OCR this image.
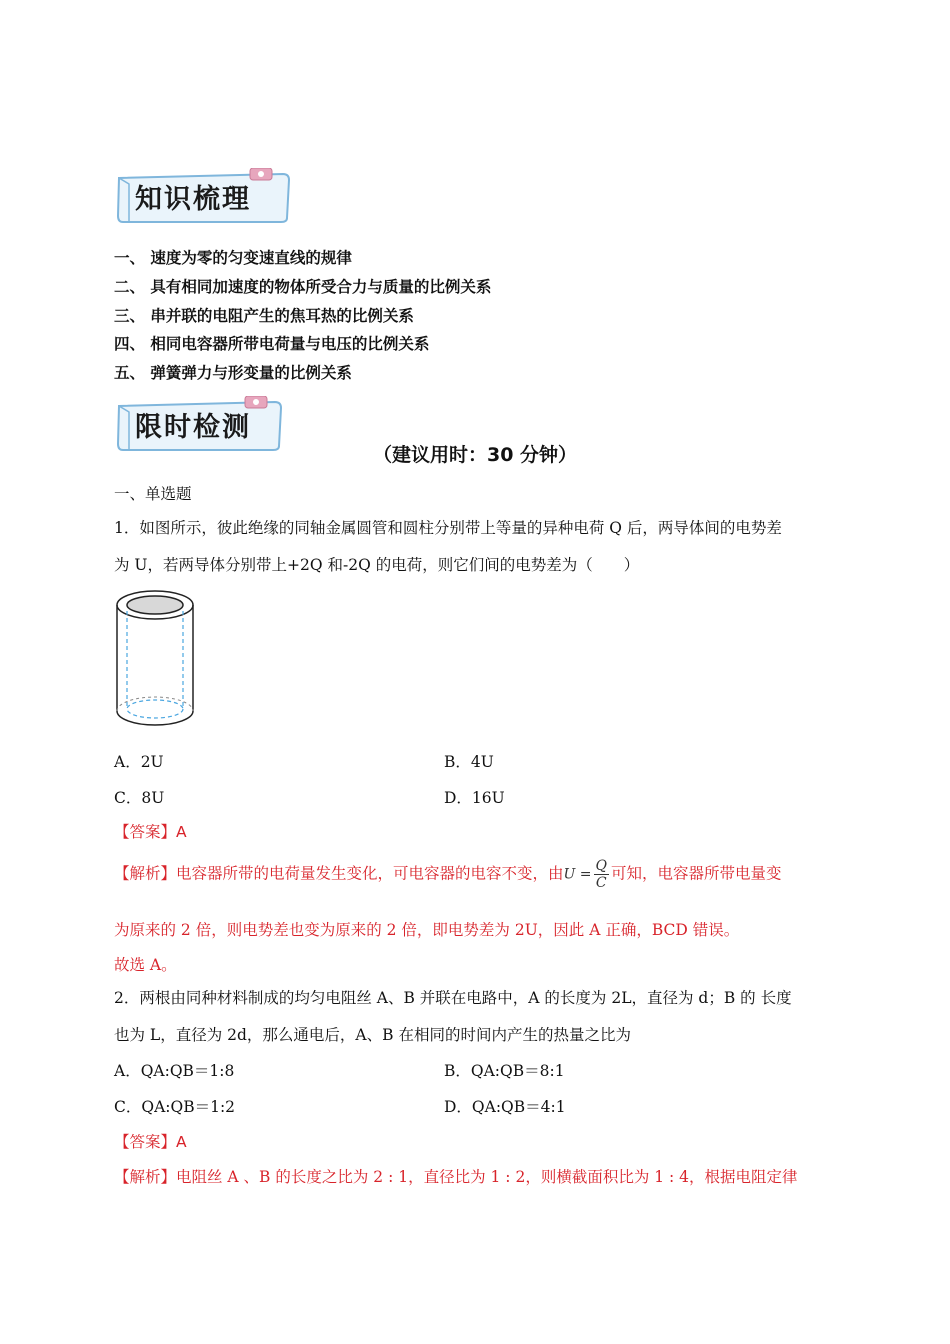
知识梳理
一、 速度为零的匀变速直线的规律
二、 具有相同加速度的物体所受合力与质量的比例关系
三、 串并联的电阻产生的焦耳热的比例关系
四、 相同电容器所带电荷量与电压的比例关系
五、 弹簧弹力与形变量的比例关系
限时检测
（建议用时：30 分钟）
一、单选题
1．如图所示，彼此绝缘的同轴金属圆管和圆柱分别带上等量的异种电荷 Q 后，两导体间的电势差
为 U，若两导体分别带上+2Q 和-2Q 的电荷，则它们间的电势差为（　　）
A．2U	B．4U
C．8U	D．16U
【答案】A
【解析】电容器所带的电荷量发生变化，可电容器的电容不变，由$U = \frac{Q}{C}$ 可知，电容器所带电量变
为原来的 2 倍，则电势差也变为原来的 2 倍，即电势差为 2U，因此 A 正确，BCD 错误。
故选 A。
2．两根由同种材料制成的均匀电阻丝 A、B 并联在电路中，A 的长度为 2L，直径为 d；B 的 长度
也为 L，直径为 2d，那么通电后，A、B 在相同的时间内产生的热量之比为
A．QA:QB＝1:8	B．QA:QB＝8:1
C．QA:QB＝1:2	D．QA:QB＝4:1
【答案】A
【解析】电阻丝 A 、B 的长度之比为 2 : 1，直径比为 1 : 2，则横截面积比为 1 : 4，根据电阻定律
